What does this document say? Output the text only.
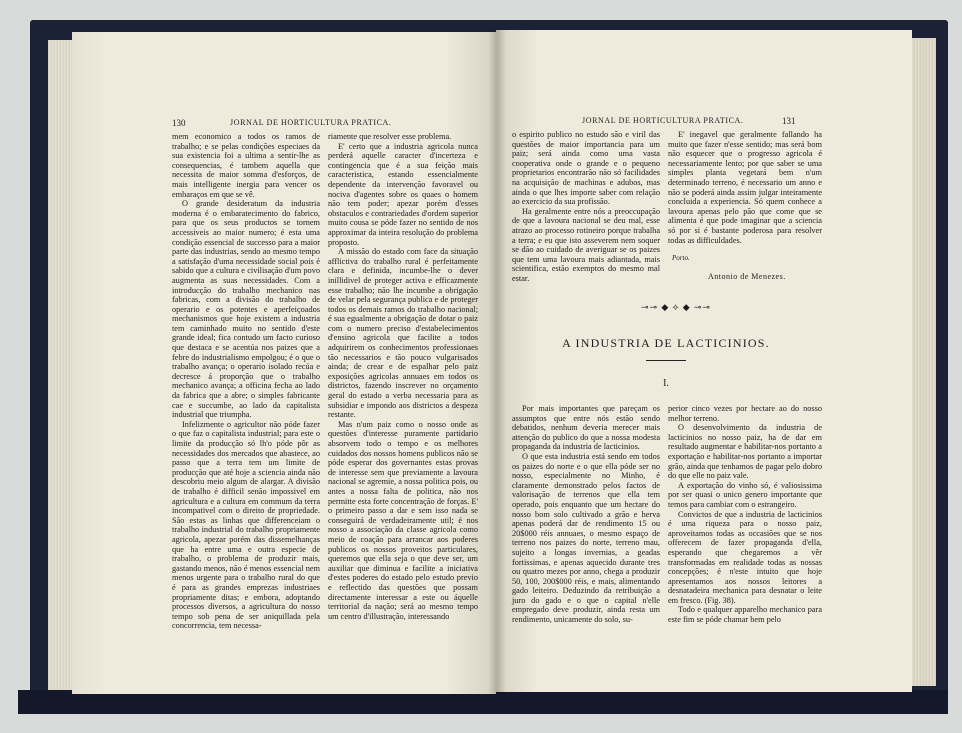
130	JORNAL DE HORTICULTURA PRATICA.

mem economico a todos os ramos de trabalho; e se pelas condições especiaes da sua existencia foi a ultima a sentir-lhe as consequencias, é tambem aquella que necessita de maior somma d'esforços, de mais intelligente inergia para vencer os embaraços em que se vê.

O grande desideratum da industria moderna é o embaratecimento do fabrico, para que os seus productos se tornem accessiveis ao maior numero; é esta uma condição essencial de successo para a maior parte das industrias, sendo ao mesmo tempo a satisfação d'uma necessidade social pois é sabido que a cultura e civilisação d'um povo augmenta as suas necessidades. Com a introducção do trabalho mechanico nas fabricas, com a divisão do trabalho de operario e os potentes e aperfeiçoados mechanismos que hoje existem a industria tem caminhado muito no sentido d'este grande ideal; fica contudo um facto curioso que destaca e se acentúa nos paizes que a febre do industrialismo empolgou; é o que o trabalho avança; o operario isolado recúa e decresce á proporção que o trabalho mechanico avança; a officina fecha ao lado da fabrica que a abre; o simples fabricante cae e succumbe, ao lado da capitalista industrial que triumpha.

Infelizmente o agricultor não póde fazer o que faz o capitalista industrial; para este o limite da producção só lh'o póde pôr as necessidades dos mercados que abastece, ao passo que a terra tem um limite de producção que até hoje a sciencia ainda não descobriu meio algum de alargar. A divisão de trabalho é difficil senão impossivel em agricultura e a cultura em commum da terra incompativel com o direito de propriedade. São estas as linhas que differenceiam o trabalho industrial do trabalho propriamente agricola, apezar porém das dissemelhanças que ha entre uma e outra especie de trabalho, o problema de produzir mais, gastando menos, não é menos essencial nem menos urgente para o trabalho rural do que é para as grandes emprezas industriaes propriamente ditas; e embora, adoptando processos diversos, a agricultura do nosso tempo sob pena de ser aniquillada pela concorrencia, tem necessa-

riamente que resolver esse problema.

E' certo que a industria agricola nunca perderá aquelle caracter d'incerteza e contingencia que é a sua feição mais caracteristica, estando essencialmente dependente da intervenção favoravel ou nociva d'agentes sobre os quaes o homem não tem poder; apezar porém d'esses obstaculos e contrariedades d'ordem superior muito cousa se póde fazer no sentido de nos approximar da inteira resolução do problema proposto.

A missão do estado com face da situação afflictiva do trabalho rural é perfeitamente clara e definida, incumbe-lhe o dever inillidivel de proteger activa e efficazmente esse trabalho; não lhe incumbe a obrigação de velar pela segurança publica e de proteger todos os demais ramos do trabalho nacional; é sua egualmente a obrigação de dotar o paiz com o numero preciso d'estabelecimentos d'ensino agricola que facilite a todos adquirirem os conhecimentos professionaes tão necessarios e tão pouco vulgarisados ainda; de crear e de espalhar pelo paiz exposições agricolas annuaes em todos os districtos, fazendo inscrever no orçamento geral do estado a verba necessaria para as subsidiar e impondo aos districtos a despeza restante.

Mas n'um paiz como o nosso onde as questões d'interesse puramente partidario absorvem todo o tempo e os melhores cuidados dos nossos homens publicos não se póde esperar dos governantes estas provas de interesse sem que previamente a lavoura nacional se agremie, a nossa politica pois, ou antes a nossa falta de politica, não nos permitte esta forte concentração de forças. E' o primeiro passo a dar e sem isso nada se conseguirá de verdadeiramente util; é nos nosso a associação da classe agricola como meio de coação para arrancar aos poderes publicos os nossos proveitos particulares, queremos que ella seja o que deve ser, um auxiliar que diminua e facilite a iniciativa d'estes poderes do estado pelo estudo previo e reflectido das questões que possam directamente interessar a este ou áquelle territorial da nação; será ao mesmo tempo um centro d'illustração, interessando

JORNAL DE HORTICULTURA PRATICA.	131

o espirito publico no estudo são e viril das questões de maior importancia para um paiz; será ainda como uma vasta cooperativa onde o grande e o pequeno proprietarios encontrarão não só facilidades na acquisição de machinas e adubos, mas ainda o que lhes importe saber com relação ao exercicio da sua profissão.

Ha geralmente entre nós a preoccupação de que a lavoura nacional se deu mal, esse atrazo ao processo rotineiro porque trabalha a terra; e eu que isto asseverem nem soquer se dão ao cuidado de averiguar se os paizes que tem uma lavoura mais adiantada, mais scientifica, estão exemptos do mesmo mal estar.

E' inegavel que geralmente fallando ha muito que fazer n'esse sentido; mas será bom não esquecer que o progresso agricola é necessariamente lento; por que saber se uma simples planta vegetará bem n'um determinado terreno, é necessario um anno e não se poderá ainda assim julgar inteiramente concluida a experiencia. Só quem conhece a lavoura apenas pelo pão que come que se alimenta é que pode imaginar que a sciencia só por si é bastante poderosa para resolver todas as difficuldades.

Porto.
Antonio de Menezes.
⊸⊸ ◆ ⟡ ◆ ⊸⊸
A INDUSTRIA DE LACTICINIOS.
I.

Por mais importantes que pareçam os assumptos que entre nós estão sendo debatidos, nenhum deveria merecer mais attenção do publico do que a nossa modesta propaganda da industria de lacticinios.

O que esta industria está sendo em todos os paizes do norte e o que ella póde ser no nosso, especialmente no Minho, é claramente demonstrado pelos factos de valorisação de terrenos que ella tem operado, pois enquanto que um hectare do nosso bom solo cultivado a grão e herva apenas poderá dar de rendimento 15 ou 20$000 réis annuaes, o mesmo espaço de terreno nos paizes do norte, terreno mau, sujeito a longas invernias, a geadas fortissimas, e apenas aquecido durante tres ou quatro mezes por anno, chega a produzir 50, 100, 200$000 réis, e mais, alimentando gado leiteiro. Deduzindo da retribuição a juro do gado e o que o capital n'elle empregado deve produzir, ainda resta um rendimento, unicamente do solo, su-

perior cinco vezes por hectare ao do nosso melhor terreno.

O desenvolvimento da industria de lacticinios no nosso paiz, ha de dar em resultado augmentar e habilitar-nos portanto a exportação e habilitar-nos portanto a importar grão, ainda que tenhamos de pagar pelo dobro do que elle no paiz vale.

A exportação do vinho só, é valiosissima por ser quasi o unico genero importante que temos para cambiar com o estrangeiro.

Convictos de que a industria de lacticinios é uma riqueza para o nosso paiz, aproveitamos todas as occasiões que se nos offerecem de fazer propaganda d'ella, esperando que chegaremos a vêr transformadas em realidade todas as nossas concepções; é n'este intuito que hoje apresentamos aos nossos leitores a desnatadeira mechanica para desnatar o leite em fresco. (Fig. 38).

Todo e qualquer apparelho mechanico para este fim se póde chamar bem pelo
